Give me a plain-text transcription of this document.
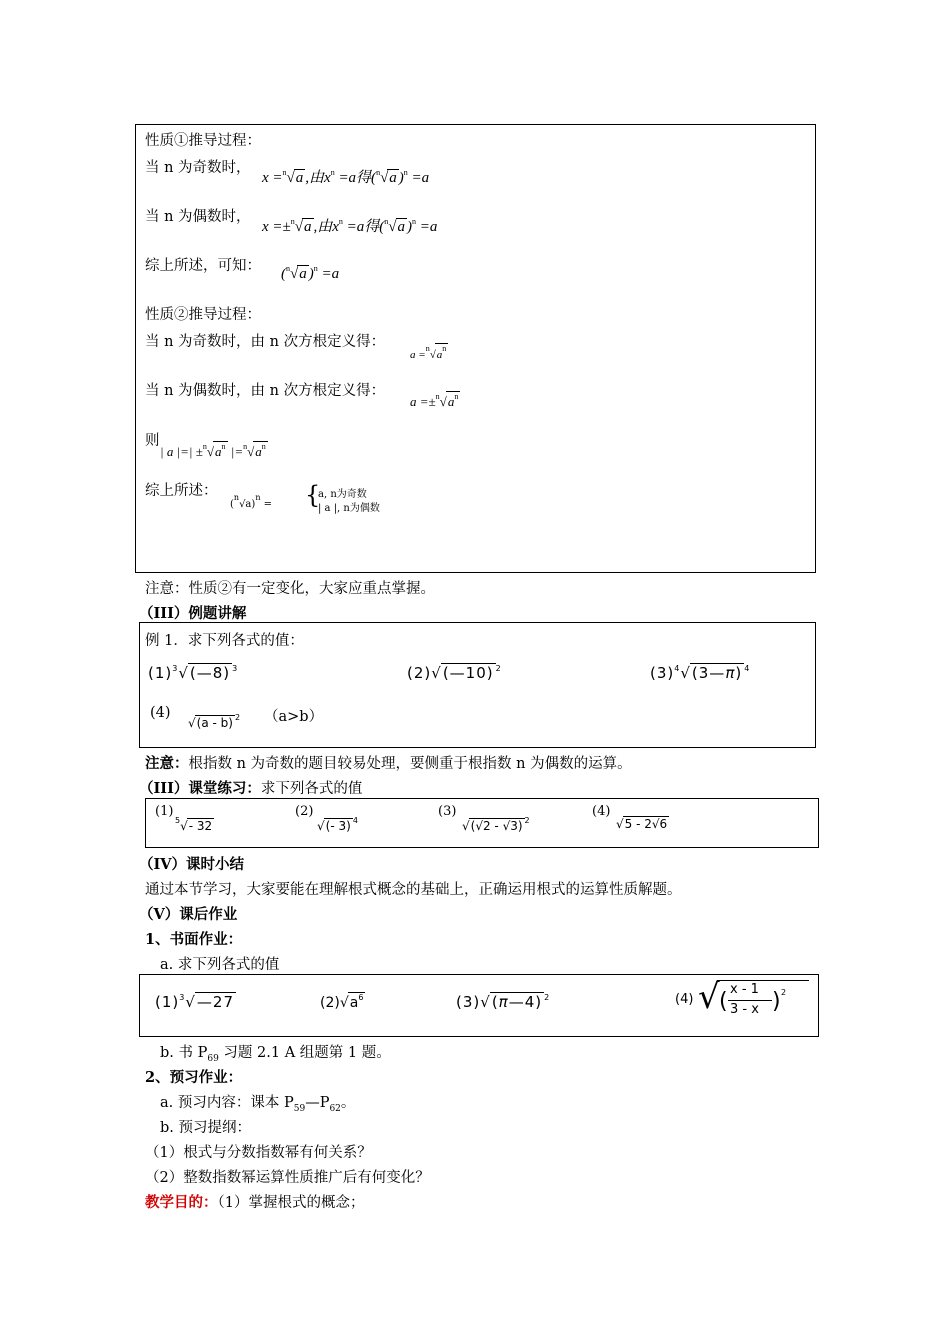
性质①推导过程：
当 n 为奇数时，
x =$^n$√a ,由$x^n =a$得($^n$√a )$^n$ =a
当 n 为偶数时，
x =±$^n$√a ,由$x^n =a$得($^n$√a )$^n$ =a
综上所述，可知： ($^n$√a )$^n$ =a
性质②推导过程：
当 n 为奇数时，由 n 次方根定义得：
$a =^n√a^n$
当 n 为偶数时，由 n 次方根定义得：
$a =\pm^n√a^n$
则
| a |=| $\pm^n√a^n$ $|=^n√a^n$
综上所述：
$(^n√a)^n$ = {
a, n为奇数
| a |, n为偶数
注意：性质②有一定变化，大家应重点掌握。
（III）例题讲解
例 1．求下列各式的值：
$(1)^3√(—8)$ $^3$	(2)√(—10) $^2$	$(3)^4√(3—\pi)$ $^4$
(4)
√(a - b) $^2$ （a>b）
注意：根指数 n 为奇数的题目较易处理，要侧重于根指数 n 为偶数的运算。
（III）课堂练习：求下列各式的值
(1)
$^5$√- 32
(2)
√(- 3) $^4$
(3)
√(√2 - √3) $^2$
(4)
√5 - 2√6
（IV）课时小结
通过本节学习，大家要能在理解根式概念的基础上，正确运用根式的运算性质解题。
（V）课后作业
1、书面作业：
a. 求下列各式的值
$(1)^3√—27$	$(2)√a^6$	(3)√(π—4) $^2$	(4) √ ( x - 1
3 - x ) 2
b. 书 $P_{69}$ 习题 2.1 A 组题第 1 题。
2、预习作业：
a. 预习内容：课本 $P_{59}—P_{62}$。
b. 预习提纲：
（1）根式与分数指数幂有何关系？
（2）整数指数幂运算性质推广后有何变化？
教学目的：（1）掌握根式的概念；
